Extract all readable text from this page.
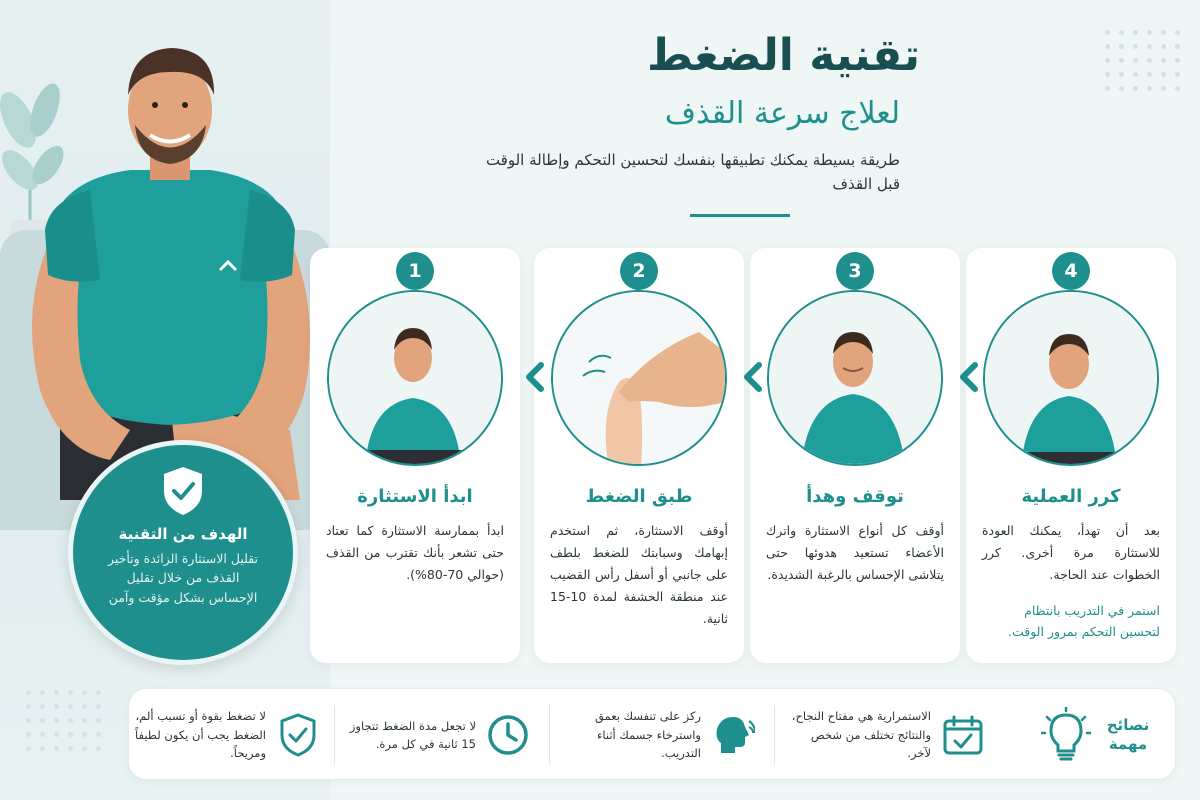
الهدف من التقنية
تقليل الاستثارة الزائدة وتأخير القذف من خلال تقليل الإحساس بشكل مؤقت وآمن
تقنية الضغط
لعلاج سرعة القذف
طريقة بسيطة يمكنك تطبيقها بنفسك لتحسين التحكم وإطالة الوقت قبل القذف
4
كرر العملية
بعد أن تهدأ، يمكنك العودة للاستثارة مرة أخرى. كرر الخطوات عند الحاجة.
استمر في التدريب بانتظام لتحسين التحكم بمرور الوقت.
3
توقف وهدأ
أوقف كل أنواع الاستثارة واترك الأعضاء تستعيد هدوئها حتى يتلاشى الإحساس بالرغبة الشديدة.
2
طبق الضغط
أوقف الاستثارة، ثم استخدم إبهامك وسبابتك للضغط بلطف على جانبي أو أسفل رأس القضيب عند منطقة الحشفة لمدة 10-15 ثانية.
1
ابدأ الاستثارة
ابدأ بممارسة الاستثارة كما تعتاد حتى تشعر بأنك تقترب من القذف (حوالي 70-80%).
نصائح مهمة
الاستمرارية هي مفتاح النجاح، والنتائج تختلف من شخص لآخر.
ركز على تنفسك بعمق واسترخاء جسمك أثناء التدريب.
لا تجعل مدة الضغط تتجاوز 15 ثانية في كل مرة.
لا تضغط بقوة أو تسبب ألم، الضغط يجب أن يكون لطيفاً ومريحاً.
